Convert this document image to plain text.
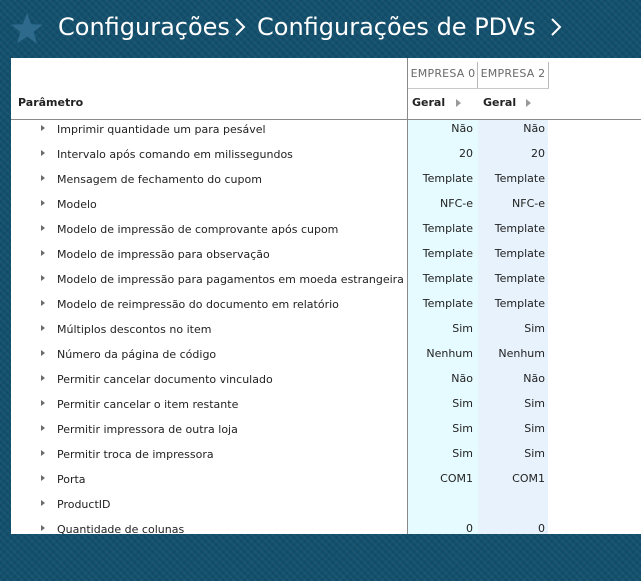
Configurações Configurações de PDVs
EMPRESA 0 EMPRESA 2
Parâmetro	Geral	Geral
Imprimir quantidade um para pesável	Não	Não
Intervalo após comando em milissegundos	20	20
Mensagem de fechamento do cupom	Template	Template
Modelo	NFC-e	NFC-e
Modelo de impressão de comprovante após cupom	Template	Template
Modelo de impressão para observação	Template	Template
Modelo de impressão para pagamentos em moeda estrangeira	Template	Template
Modelo de reimpressão do documento em relatório	Template	Template
Múltiplos descontos no item	Sim	Sim
Número da página de código	Nenhum	Nenhum
Permitir cancelar documento vinculado	Não	Não
Permitir cancelar o item restante	Sim	Sim
Permitir impressora de outra loja	Sim	Sim
Permitir troca de impressora	Sim	Sim
Porta	COM1	COM1
ProductID
Quantidade de colunas	0	0
